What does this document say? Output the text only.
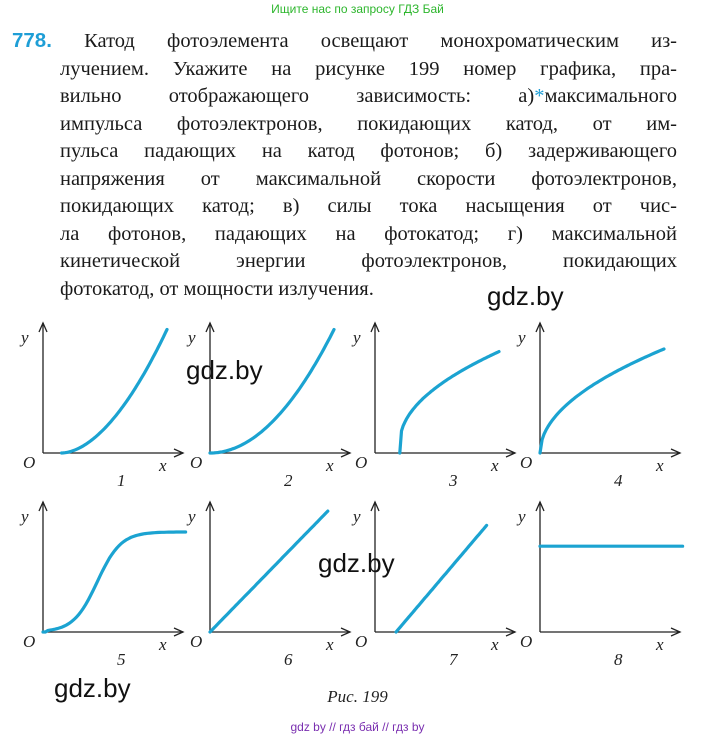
Ищите нас по запросу ГДЗ Бай
778. Катод фотоэлемента освещают монохроматическим из-
лучением. Укажите на рисунке 199 номер графика, пра-
вильно отображающего зависимость: а)*максимального
импульса фотоэлектронов, покидающих катод, от им-
пульса падающих на катод фотонов; б) задерживающего
напряжения от максимальной скорости фотоэлектронов,
покидающих катод; в) силы тока насыщения от чис-
ла фотонов, падающих на фотокатод; г) максимальной
кинетической энергии фотоэлектронов, покидающих
фотокатод, от мощности излучения.
y
x
O
1
y
x
O
2
y
x
O
3
y
x
O
4
y
x
O
5
y
x
O
6
y
x
O
7
y
x
O
8
gdz.by
gdz.by
gdz.by
gdz.by	Рис. 199
gdz by // гдз бай // гдз by
